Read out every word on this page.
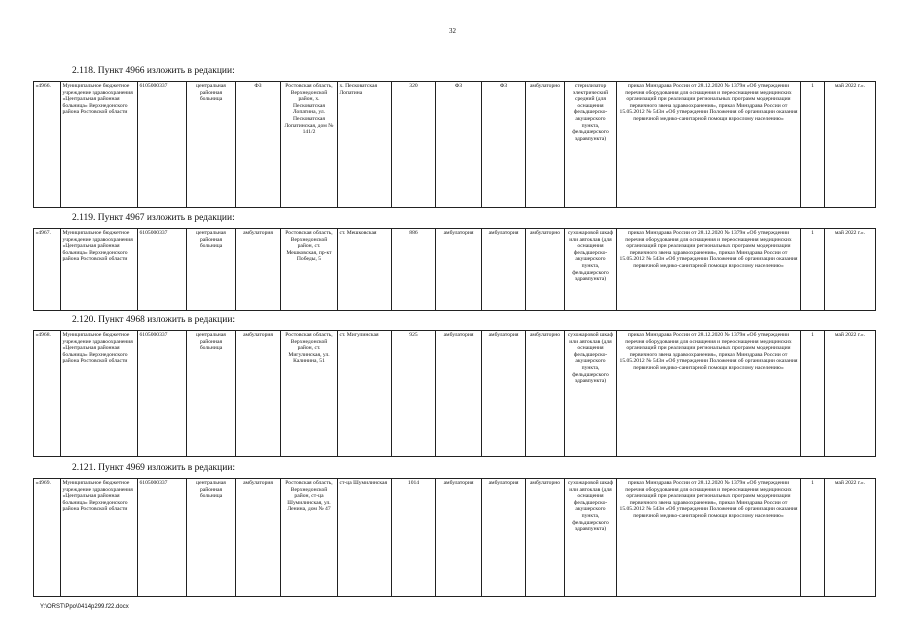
32
2.118. Пункт 4966 изложить в редакции:
«4966.	Муниципальное бюджетное учреждение здравоохранения «Центральная районная больница» Верхнедонского района Ростовской области	6105000337	центральная районная больница	ФЗ	Ростовская область, Верхнедонской район, х. Песковатская Лопатина, ул. Песковатская Лопатинская, дом № 141/2	х. Песковатская Лопатина	320	ФЗ	ФЗ	амбулаторно	стерилизатор электрический средний (для оснащения фельдшерско-акушерского пункта, фельдшерского здравпункта)	приказ Минздрава России от 28.12.2020 № 1379н «Об утверждении перечня оборудования для оснащения и переоснащения медицинских организаций при реализации региональных программ модернизации первичного звена здравоохранения», приказ Минздрава России от 15.05.2012 № 543н «Об утверждении Положения об организации оказания первичной медико-санитарной помощи взрослому населению»	1	май 2022 г.».
2.119. Пункт 4967 изложить в редакции:
«4967.	Муниципальное бюджетное учреждение здравоохранения «Центральная районная больница» Верхнедонского района Ростовской области	6105000337	центральная районная больница	амбулатория	Ростовская область, Верхнедонской район, ст. Мешковская, пр-кт Победы, 5	ст. Мешковская	886	амбулатория	амбулатория	амбулаторно	сухожаровой шкаф или автоклав (для оснащения фельдшерско-акушерского пункта, фельдшерского здравпункта)	приказ Минздрава России от 28.12.2020 № 1379н «Об утверждении перечня оборудования для оснащения и переоснащения медицинских организаций при реализации региональных программ модернизации первичного звена здравоохранения», приказ Минздрава России от 15.05.2012 № 543н «Об утверждении Положения об организации оказания первичной медико-санитарной помощи взрослому населению»	1	май 2022 г.».
2.120. Пункт 4968 изложить в редакции:
«4968.	Муниципальное бюджетное учреждение здравоохранения «Центральная районная больница» Верхнедонского района Ростовской области	6105000337	центральная районная больница	амбулатория	Ростовская область, Верхнедонской район, ст. Мигулинская, ул. Калинина, 51	ст. Мигулинская	925	амбулатория	амбулатория	амбулаторно	сухожаровой шкаф или автоклав (для оснащения фельдшерско-акушерского пункта, фельдшерского здравпункта)	приказ Минздрава России от 28.12.2020 № 1379н «Об утверждении перечня оборудования для оснащения и переоснащения медицинских организаций при реализации региональных программ модернизации первичного звена здравоохранения», приказ Минздрава России от 15.05.2012 № 543н «Об утверждении Положения об организации оказания первичной медико-санитарной помощи взрослому населению»	1	май 2022 г.».
2.121. Пункт 4969 изложить в редакции:
«4969.	Муниципальное бюджетное учреждение здравоохранения «Центральная районная больница» Верхнедонского района Ростовской области	6105000337	центральная районная больница	амбулатория	Ростовская область, Верхнедонской район, ст-ца Шумилинская, ул. Ленина, дом № 47	ст-ца Шумилинская	1014	амбулатория	амбулатория	амбулаторно	сухожаровой шкаф или автоклав (для оснащения фельдшерско-акушерского пункта, фельдшерского здравпункта)	приказ Минздрава России от 28.12.2020 № 1379н «Об утверждении перечня оборудования для оснащения и переоснащения медицинских организаций при реализации региональных программ модернизации первичного звена здравоохранения», приказ Минздрава России от 15.05.2012 № 543н «Об утверждении Положения об организации оказания первичной медико-санитарной помощи взрослому населению»	1	май 2022 г.».
Y:\ORST\Ppo\0414p299.f22.docx
